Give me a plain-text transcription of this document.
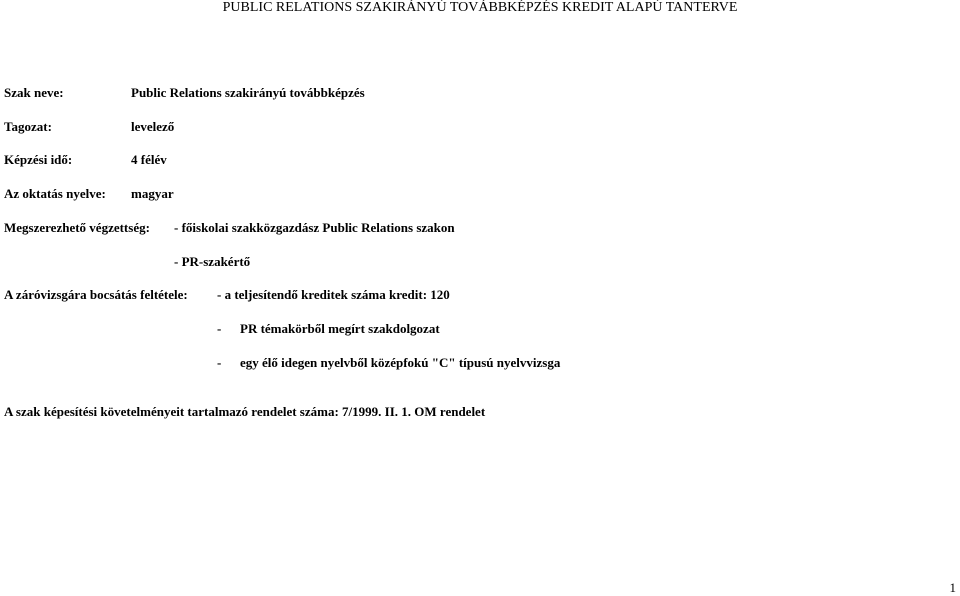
PUBLIC RELATIONS SZAKIRÁNYÚ TOVÁBBKÉPZÉS KREDIT ALAPÚ TANTERVE
Szak neve:	Public Relations szakirányú továbbképzés
Tagozat:	levelező
Képzési idő:	4 félév
Az oktatás nyelve: magyar
Megszerezhető végzettség: - főiskolai szakközgazdász Public Relations szakon
- PR-szakértő
A záróvizsgára bocsátás feltétele: - a teljesítendő kreditek száma kredit: 120
- PR témakörből megírt szakdolgozat
- egy élő idegen nyelvből középfokú "C" típusú nyelvvizsga
A szak képesítési követelményeit tartalmazó rendelet száma: 7/1999. II. 1. OM rendelet
1
